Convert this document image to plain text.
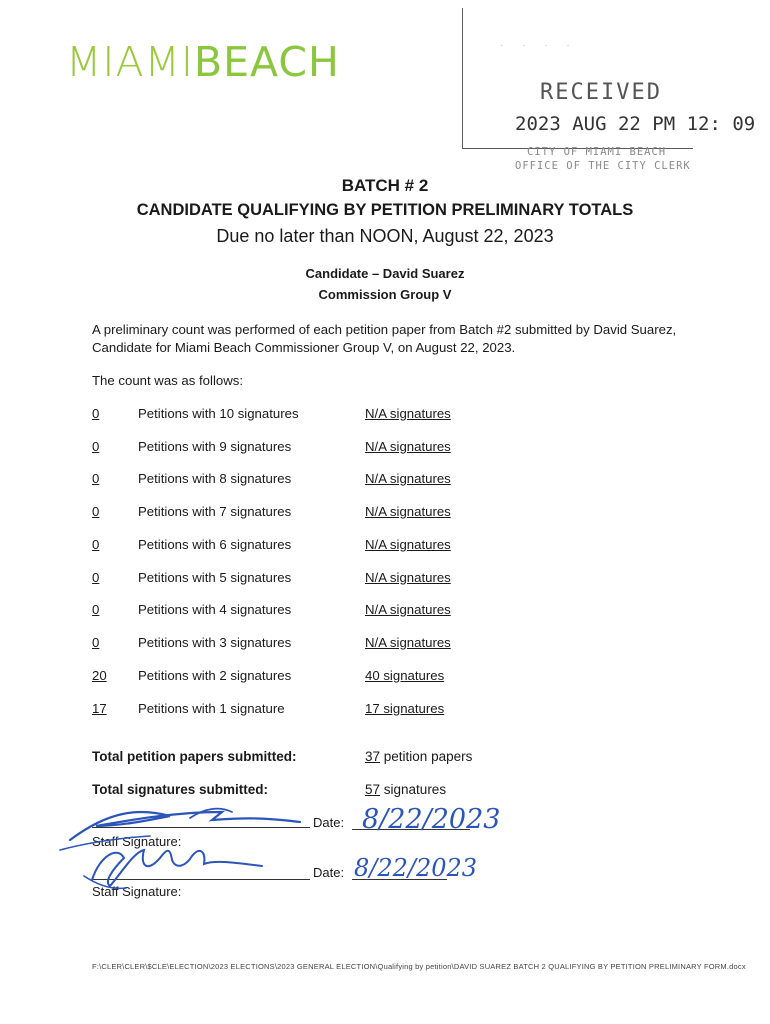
MIAMIBEACH	· · · ·
RECEIVED
2023 AUG 22 PM 12: 09
CITY OF MIAMI BEACH
OFFICE OF THE CITY CLERK
BATCH # 2
CANDIDATE QUALIFYING BY PETITION PRELIMINARY TOTALS
Due no later than NOON, August 22, 2023
Candidate – David Suarez
Commission Group V
A preliminary count was performed of each petition paper from Batch #2 submitted by David Suarez, Candidate for Miami Beach Commissioner Group V, on August 22, 2023.
The count was as follows:
0	Petitions with 10 signatures	N/A signatures
0	Petitions with 9 signatures	N/A signatures
0	Petitions with 8 signatures	N/A signatures
0	Petitions with 7 signatures	N/A signatures
0	Petitions with 6 signatures	N/A signatures
0	Petitions with 5 signatures	N/A signatures
0	Petitions with 4 signatures	N/A signatures
0	Petitions with 3 signatures	N/A signatures
20 Petitions with 2 signatures	40 signatures
17 Petitions with 1 signature	17 signatures
Total petition papers submitted:	37 petition papers
Total signatures submitted:	57 signatures
Date:
Staff Signature:
8/22/2023
Date:
Staff Signature:
8/22/2023
F:\CLER\CLER\$CLE\ELECTION\2023 ELECTIONS\2023 GENERAL ELECTION\Qualifying by petition\DAVID SUAREZ BATCH 2 QUALIFYING BY PETITION PRELIMINARY FORM.docx
